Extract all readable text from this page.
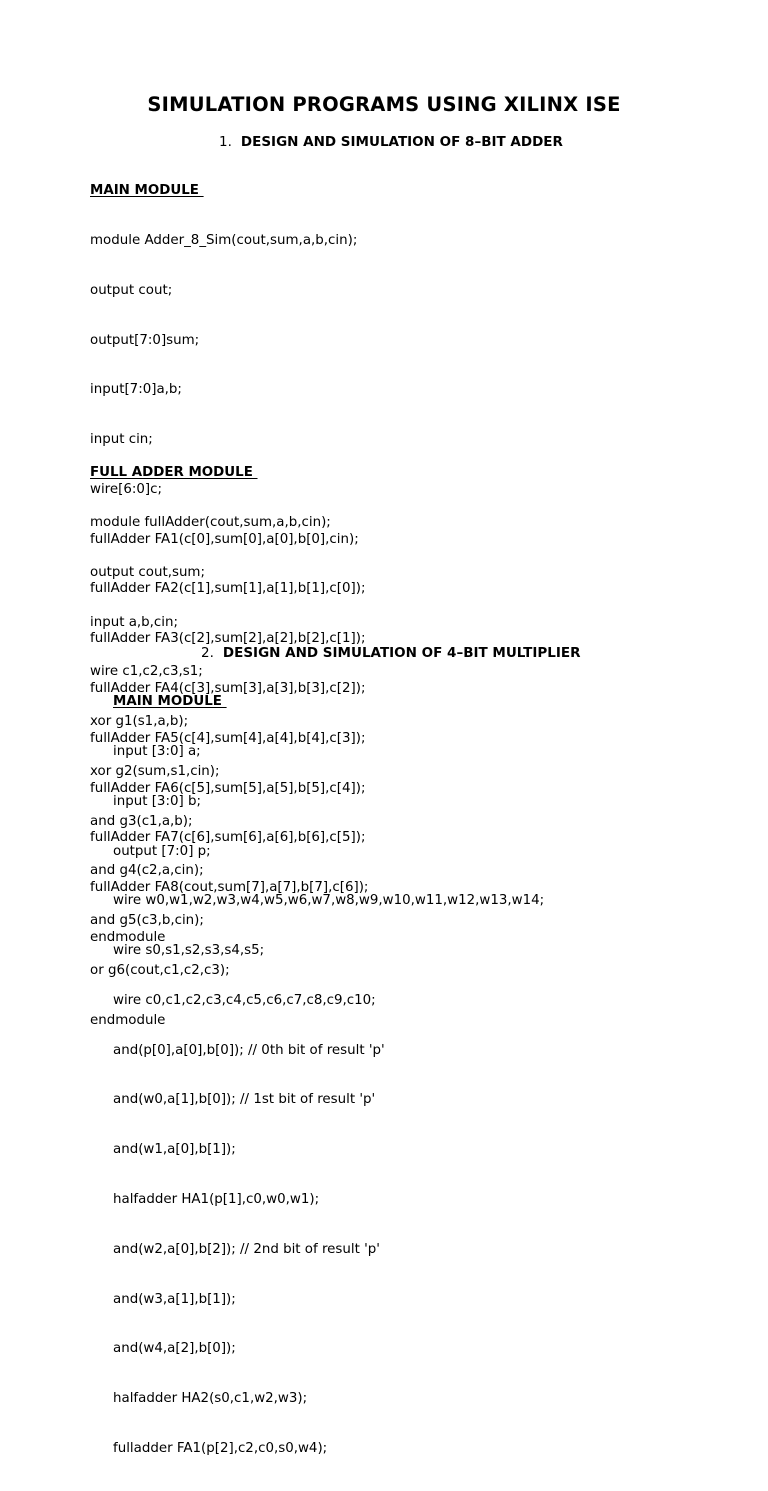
SIMULATION PROGRAMS USING XILINX ISE
1. DESIGN AND SIMULATION OF 8–BIT ADDER

MAIN MODULE

module Adder_8_Sim(cout,sum,a,b,cin);

output cout;

output[7:0]sum;

input[7:0]a,b;

input cin;

wire[6:0]c;

fullAdder FA1(c[0],sum[0],a[0],b[0],cin);

fullAdder FA2(c[1],sum[1],a[1],b[1],c[0]);

fullAdder FA3(c[2],sum[2],a[2],b[2],c[1]);

fullAdder FA4(c[3],sum[3],a[3],b[3],c[2]);

fullAdder FA5(c[4],sum[4],a[4],b[4],c[3]);

fullAdder FA6(c[5],sum[5],a[5],b[5],c[4]);

fullAdder FA7(c[6],sum[6],a[6],b[6],c[5]);

fullAdder FA8(cout,sum[7],a[7],b[7],c[6]);

endmodule

FULL ADDER MODULE

module fullAdder(cout,sum,a,b,cin);

output cout,sum;

input a,b,cin;

wire c1,c2,c3,s1;

xor g1(s1,a,b);

xor g2(sum,s1,cin);

and g3(c1,a,b);

and g4(c2,a,cin);

and g5(c3,b,cin);

or g6(cout,c1,c2,c3);

endmodule

2. DESIGN AND SIMULATION OF 4–BIT MULTIPLIER

MAIN MODULE

input [3:0] a;

input [3:0] b;

output [7:0] p;

wire w0,w1,w2,w3,w4,w5,w6,w7,w8,w9,w10,w11,w12,w13,w14;

wire s0,s1,s2,s3,s4,s5;

wire c0,c1,c2,c3,c4,c5,c6,c7,c8,c9,c10;

and(p[0],a[0],b[0]); // 0th bit of result 'p'

and(w0,a[1],b[0]); // 1st bit of result 'p'

and(w1,a[0],b[1]);

halfadder HA1(p[1],c0,w0,w1);

and(w2,a[0],b[2]); // 2nd bit of result 'p'

and(w3,a[1],b[1]);

and(w4,a[2],b[0]);

halfadder HA2(s0,c1,w2,w3);

fulladder FA1(p[2],c2,c0,s0,w4);
